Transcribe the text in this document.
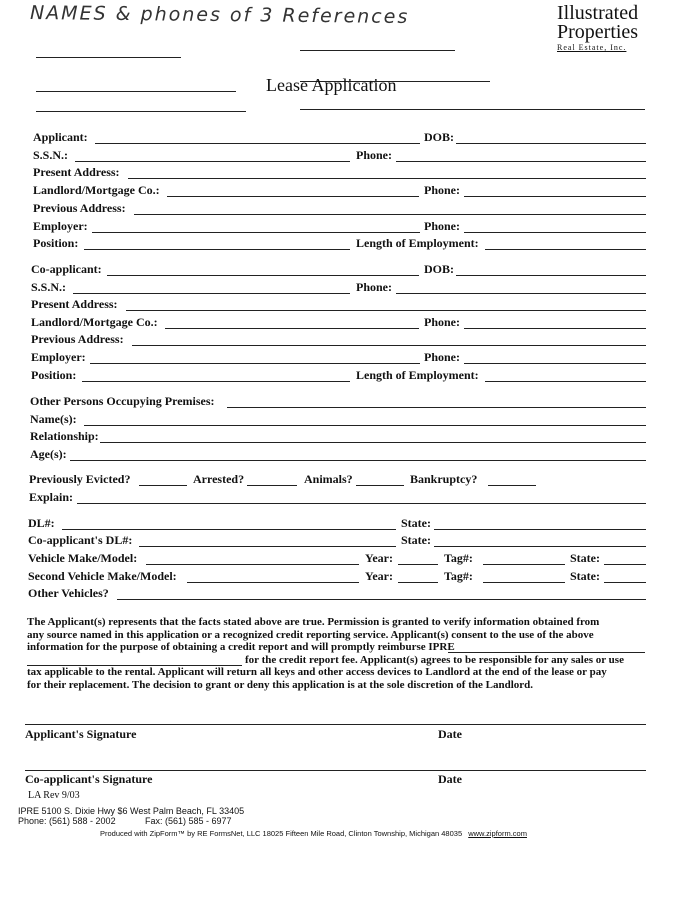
NAMES & phones of 3 References	Illustrated
Properties
Real Estate, Inc.
Lease Application
Applicant:	DOB:
S.S.N.:	Phone:
Present Address:
Landlord/Mortgage Co.:	Phone:
Previous Address:
Employer:	Phone:
Position:	Length of Employment:
Co-applicant:	DOB:
S.S.N.:	Phone:
Present Address:
Landlord/Mortgage Co.:	Phone:
Previous Address:
Employer:	Phone:
Position:	Length of Employment:
Other Persons Occupying Premises:
Name(s):
Relationship:
Age(s):
Previously Evicted?	Arrested?	Animals?	Bankruptcy?
Explain:
DL#:	State:
Co-applicant's DL#:	State:
Vehicle Make/Model:	Year:	Tag#:	State:
Second Vehicle Make/Model:	Year:	Tag#:	State:
Other Vehicles?
The Applicant(s) represents that the facts stated above are true. Permission is granted to verify information obtained from
any source named in this application or a recognized credit reporting service. Applicant(s) consent to the use of the above
information for the purpose of obtaining a credit report and will promptly reimburse IPRE
for the credit report fee. Applicant(s) agrees to be responsible for any sales or use
tax applicable to the rental. Applicant will return all keys and other access devices to Landlord at the end of the lease or pay
for their replacement. The decision to grant or deny this application is at the sole discretion of the Landlord.
Applicant's Signature	Date
Co-applicant's Signature	Date
LA Rev 9/03
IPRE 5100 S. Dixie Hwy $6 West Palm Beach, FL 33405
Phone: (561) 588 - 2002	Fax: (561) 585 - 6977
Produced with ZipForm™ by RE FormsNet, LLC 18025 Fifteen Mile Road, Clinton Township, Michigan 48035 www.zipform.com
